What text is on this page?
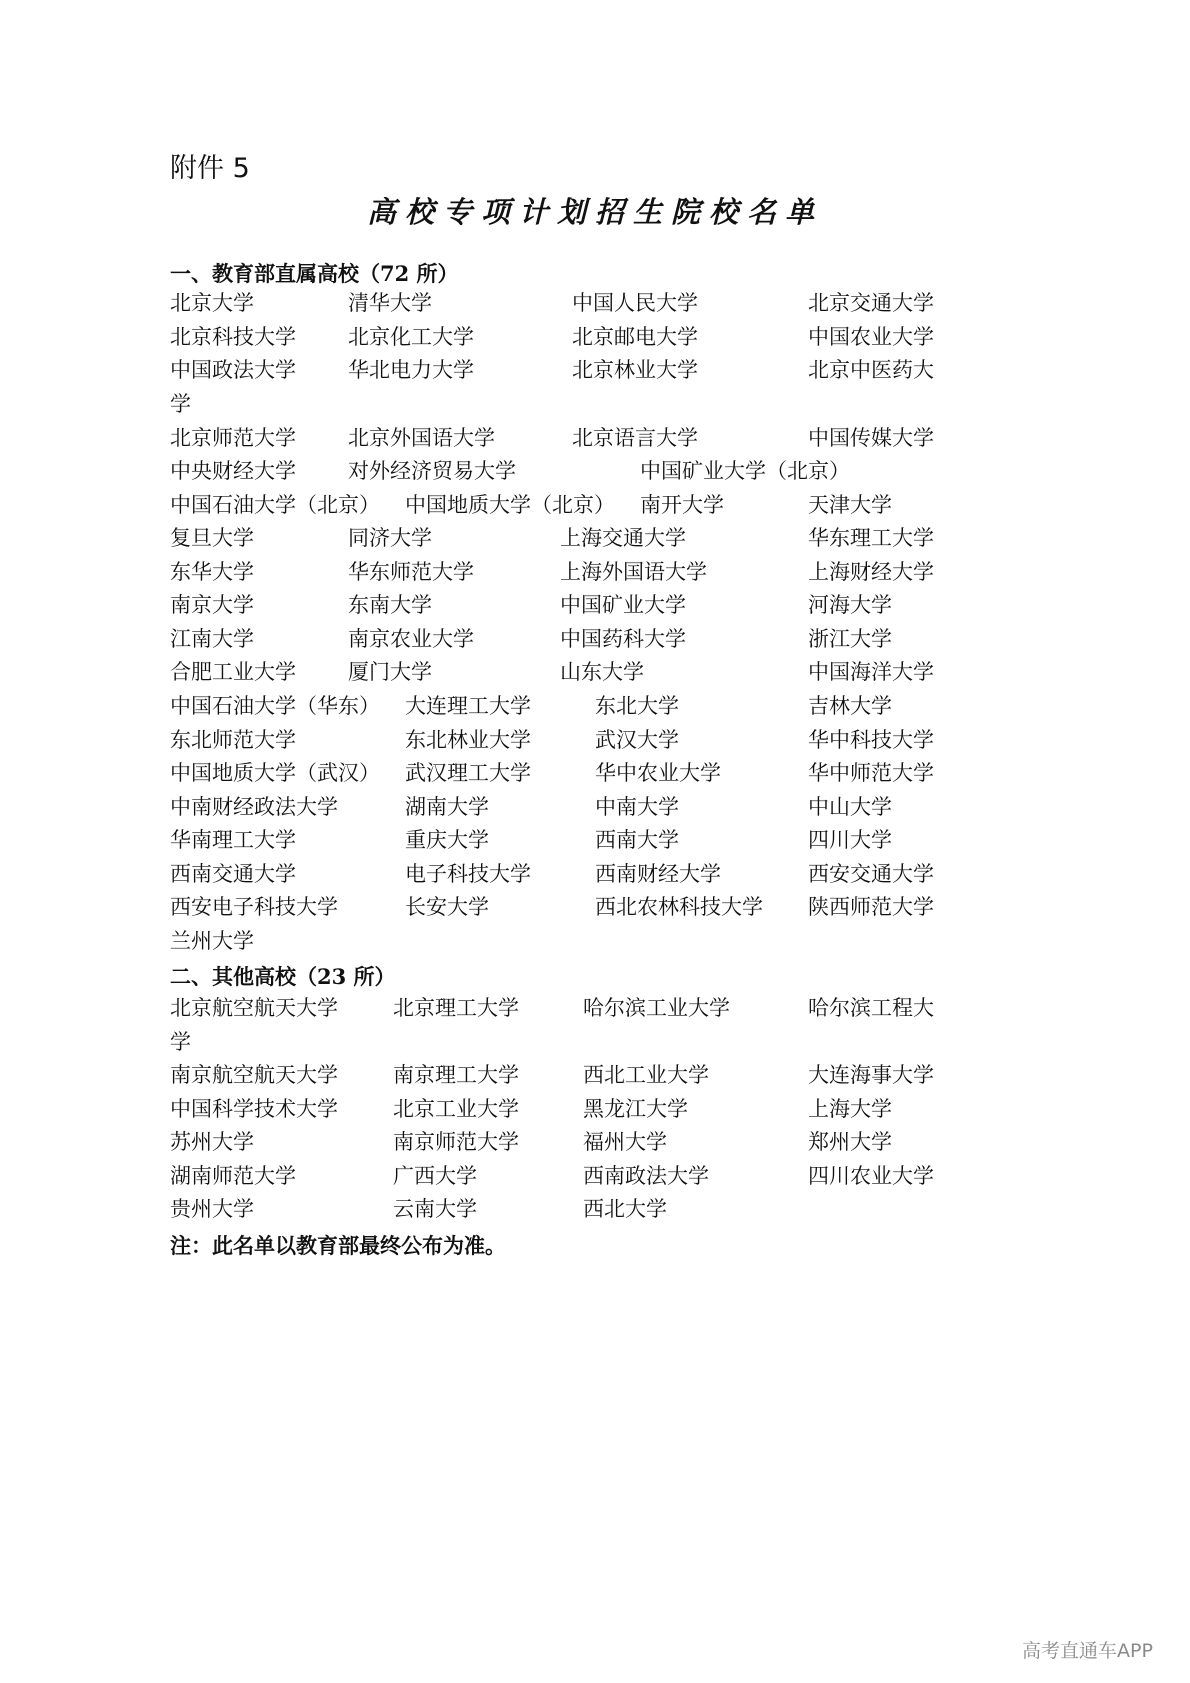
附件 5
高校专项计划招生院校名单
一、教育部直属高校（72 所）
北京大学	清华大学	中国人民大学	北京交通大学
北京科技大学 北京化工大学	北京邮电大学	中国农业大学
中国政法大学 华北电力大学	北京林业大学	北京中医药大
学
北京师范大学 北京外国语大学	北京语言大学	中国传媒大学
中央财经大学 对外经济贸易大学	中国矿业大学（北京）
中国石油大学（北京） 中国地质大学（北京） 南开大学	天津大学
复旦大学	同济大学	上海交通大学	华东理工大学
东华大学	华东师范大学	上海外国语大学	上海财经大学
南京大学	东南大学	中国矿业大学	河海大学
江南大学	南京农业大学	中国药科大学	浙江大学
合肥工业大学 厦门大学	山东大学	中国海洋大学
中国石油大学（华东） 大连理工大学	东北大学	吉林大学
东北师范大学	东北林业大学	武汉大学	华中科技大学
中国地质大学（武汉） 武汉理工大学	华中农业大学	华中师范大学
中南财经政法大学	湖南大学	中南大学	中山大学
华南理工大学	重庆大学	西南大学	四川大学
西南交通大学	电子科技大学	西南财经大学	西安交通大学
西安电子科技大学	长安大学	西北农林科技大学 陕西师范大学
兰州大学
二、其他高校（23 所）
北京航空航天大学	北京理工大学	哈尔滨工业大学	哈尔滨工程大
学
南京航空航天大学	南京理工大学	西北工业大学	大连海事大学
中国科学技术大学	北京工业大学	黑龙江大学	上海大学
苏州大学	南京师范大学	福州大学	郑州大学
湖南师范大学	广西大学	西南政法大学	四川农业大学
贵州大学	云南大学	西北大学
注：此名单以教育部最终公布为准。
高考直通车APP
